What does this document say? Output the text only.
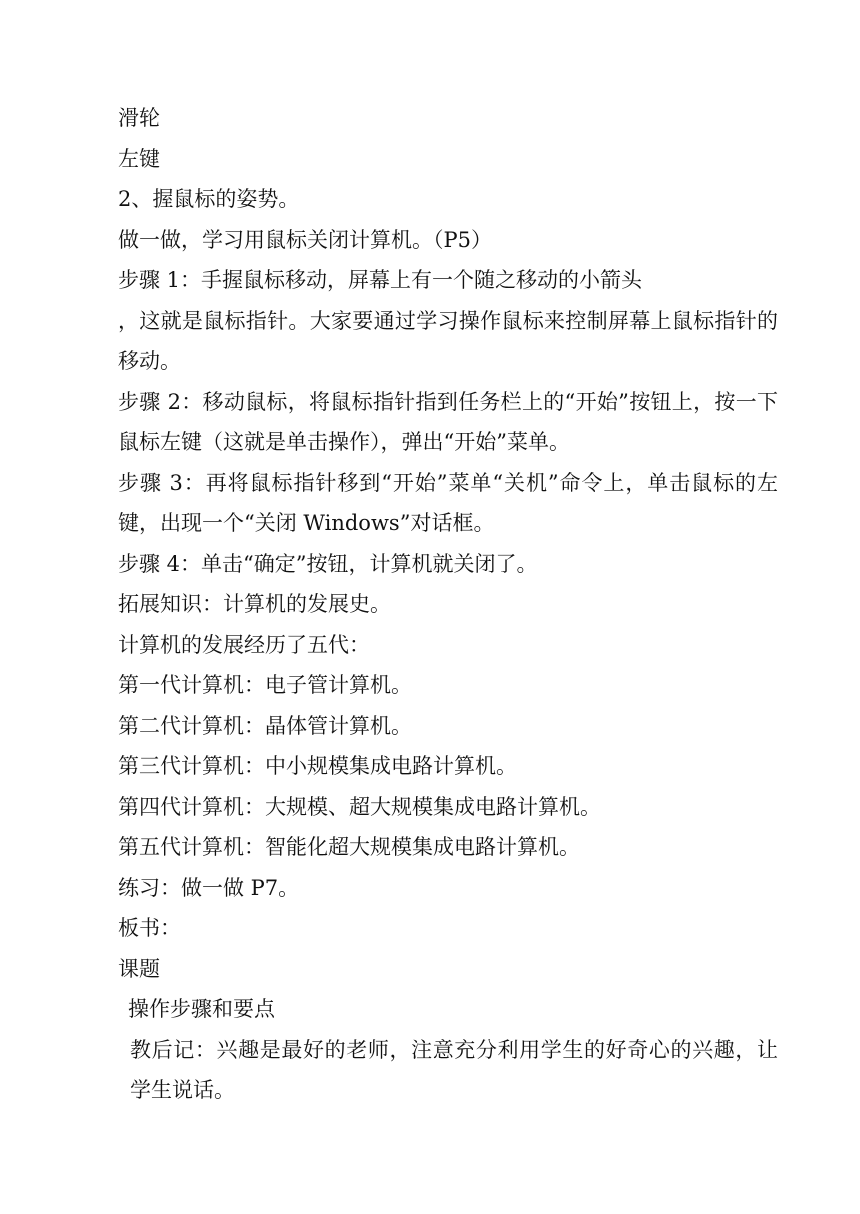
滑轮

左键

2、握鼠标的姿势。

做一做，学习用鼠标关闭计算机。（P5）

步骤 1：手握鼠标移动，屏幕上有一个随之移动的小箭头

，这就是鼠标指针。大家要通过学习操作鼠标来控制屏幕上鼠标指针的移动。

步骤 2：移动鼠标，将鼠标指针指到任务栏上的“开始”按钮上，按一下鼠标左键（这就是单击操作），弹出“开始”菜单。

步骤 3：再将鼠标指针移到“开始”菜单“关机”命令上，单击鼠标的左键，出现一个“关闭 Windows”对话框。

步骤 4：单击“确定”按钮，计算机就关闭了。

拓展知识：计算机的发展史。

计算机的发展经历了五代：

第一代计算机：电子管计算机。

第二代计算机：晶体管计算机。

第三代计算机：中小规模集成电路计算机。

第四代计算机：大规模、超大规模集成电路计算机。

第五代计算机：智能化超大规模集成电路计算机。

练习：做一做 P7。

板书：

课题

操作步骤和要点

教后记：兴趣是最好的老师，注意充分利用学生的好奇心的兴趣，让学生说话。
